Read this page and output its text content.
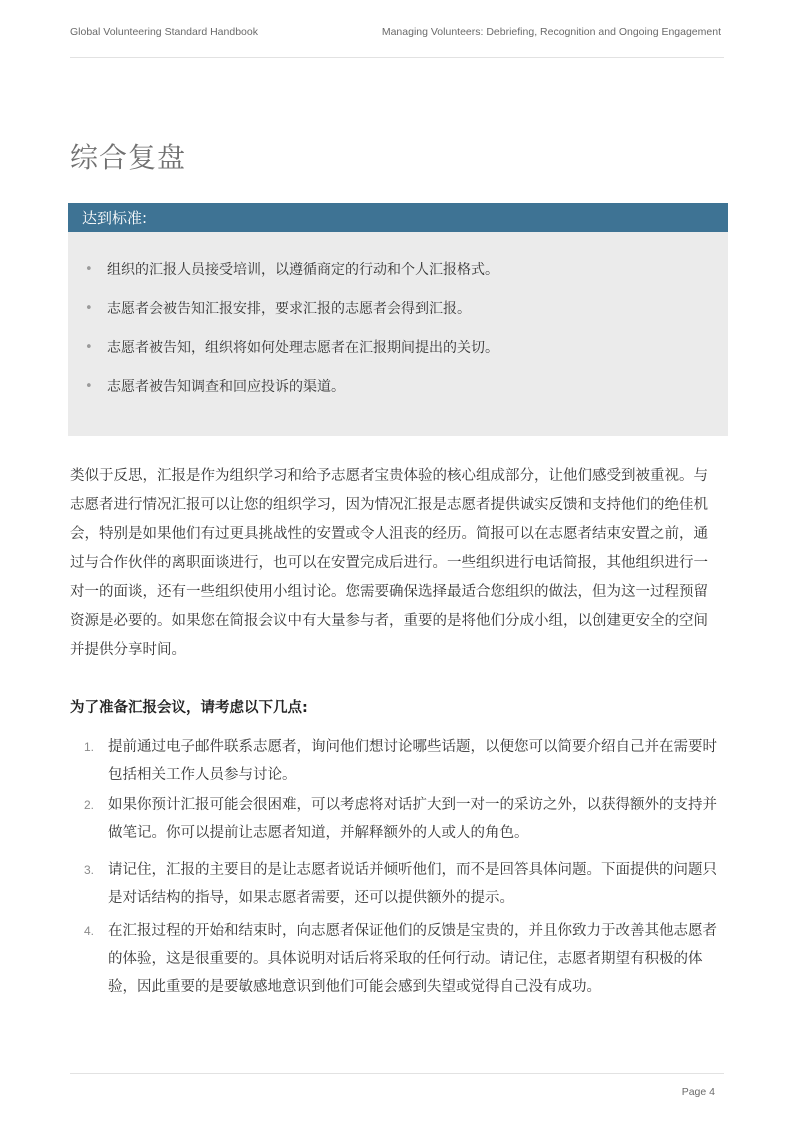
Global Volunteering Standard Handbook	Managing Volunteers: Debriefing, Recognition and Ongoing Engagement
综合复盘
达到标准:
• 组织的汇报人员接受培训，以遵循商定的行动和个人汇报格式。
• 志愿者会被告知汇报安排，要求汇报的志愿者会得到汇报。
• 志愿者被告知，组织将如何处理志愿者在汇报期间提出的关切。
• 志愿者被告知调查和回应投诉的渠道。

类似于反思，汇报是作为组织学习和给予志愿者宝贵体验的核心组成部分，让他们感受到被重视。与志愿者进行情况汇报可以让您的组织学习，因为情况汇报是志愿者提供诚实反馈和支持他们的绝佳机会，特别是如果他们有过更具挑战性的安置或令人沮丧的经历。简报可以在志愿者结束安置之前，通过与合作伙伴的离职面谈进行，也可以在安置完成后进行。一些组织进行电话简报，其他组织进行一对一的面谈，还有一些组织使用小组讨论。您需要确保选择最适合您组织的做法，但为这一过程预留资源是必要的。如果您在简报会议中有大量参与者，重要的是将他们分成小组，以创建更安全的空间并提供分享时间。

为了准备汇报会议，请考虑以下几点:

1. 提前通过电子邮件联系志愿者，询问他们想讨论哪些话题，以便您可以简要介绍自己并在需要时包括相关工作人员参与讨论。
2. 如果你预计汇报可能会很困难，可以考虑将对话扩大到一对一的采访之外，以获得额外的支持并做笔记。你可以提前让志愿者知道，并解释额外的人或人的角色。
3. 请记住，汇报的主要目的是让志愿者说话并倾听他们，而不是回答具体问题。下面提供的问题只是对话结构的指导，如果志愿者需要，还可以提供额外的提示。
4. 在汇报过程的开始和结束时，向志愿者保证他们的反馈是宝贵的，并且你致力于改善其他志愿者的体验，这是很重要的。具体说明对话后将采取的任何行动。请记住，志愿者期望有积极的体验，因此重要的是要敏感地意识到他们可能会感到失望或觉得自己没有成功。
Page 4
